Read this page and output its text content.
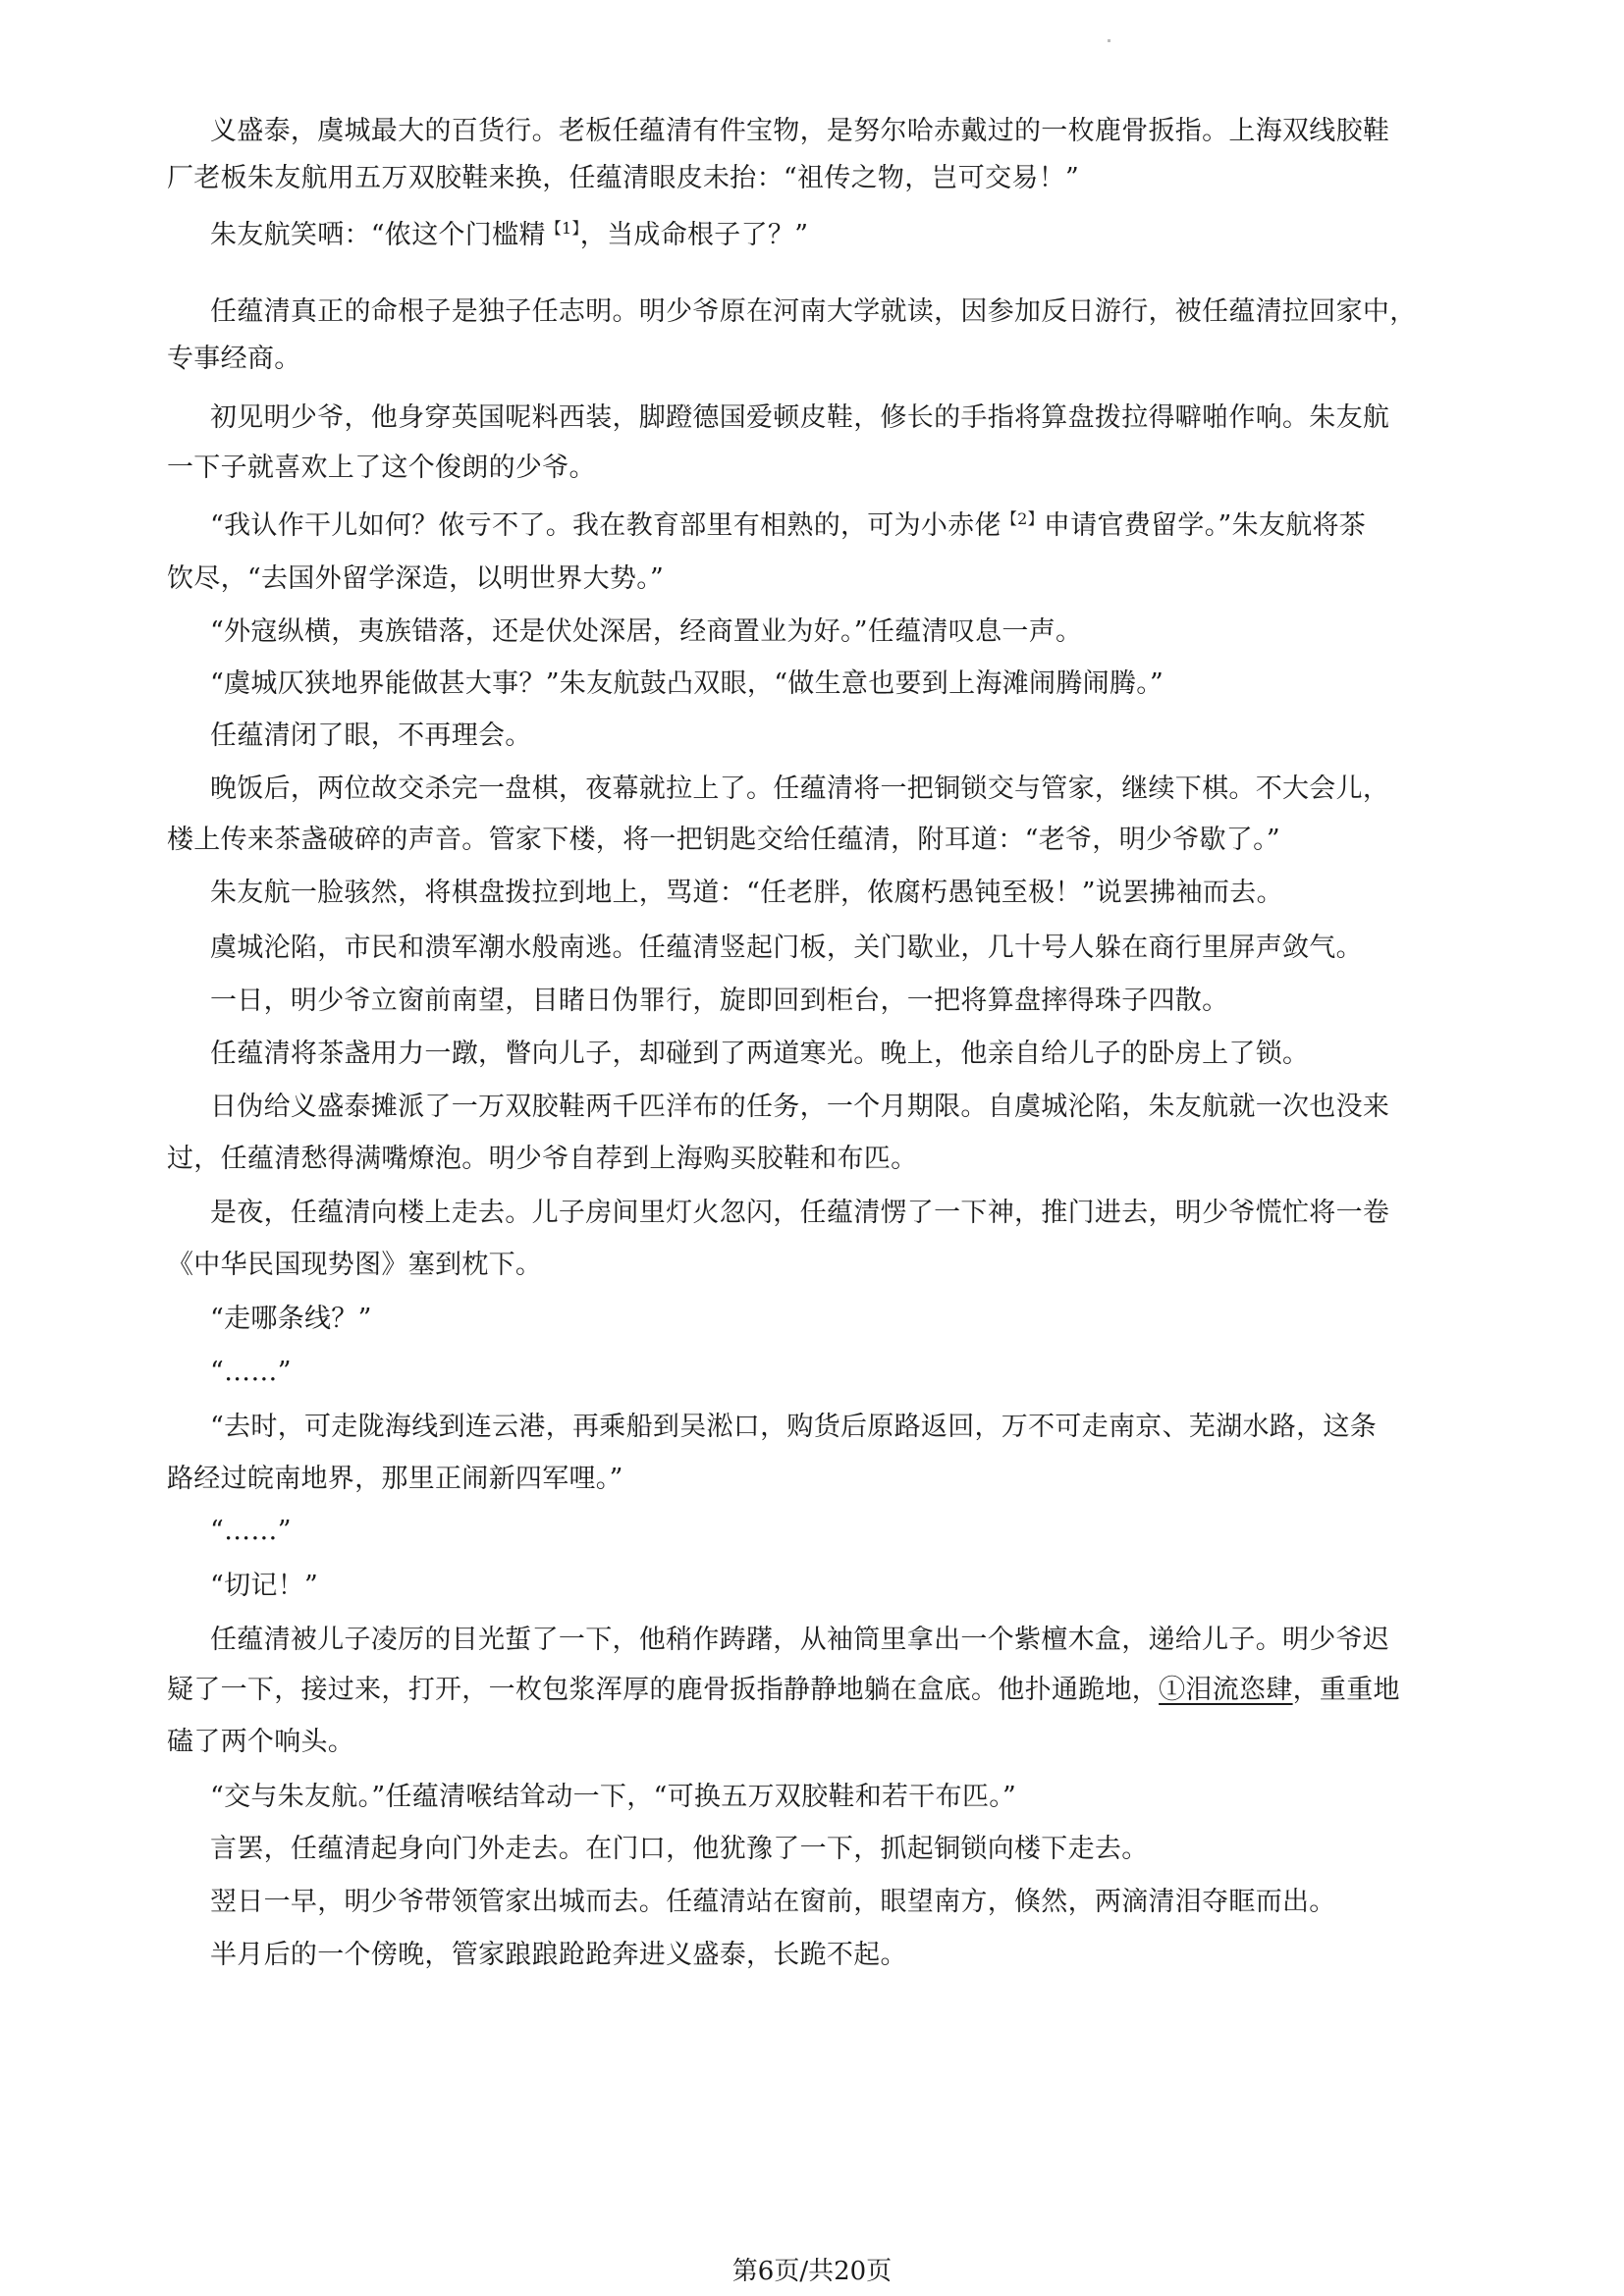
义盛泰，虞城最大的百货行。老板任蕴清有件宝物，是努尔哈赤戴过的一枚鹿骨扳指。上海双线胶鞋
厂老板朱友航用五万双胶鞋来换，任蕴清眼皮未抬：“祖传之物，岂可交易！”
朱友航笑哂：“侬这个门槛精$^{【1】}$，当成命根子了？”
任蕴清真正的命根子是独子任志明。明少爷原在河南大学就读，因参加反日游行，被任蕴清拉回家中，
专事经商。
初见明少爷，他身穿英国呢料西装，脚蹬德国爱顿皮鞋，修长的手指将算盘拨拉得噼啪作响。朱友航
一下子就喜欢上了这个俊朗的少爷。
“我认作干儿如何？侬亏不了。我在教育部里有相熟的，可为小赤佬$^{【2】}$申请官费留学。”朱友航将茶
饮尽，“去国外留学深造，以明世界大势。”
“外寇纵横，夷族错落，还是伏处深居，经商置业为好。”任蕴清叹息一声。
“虞城仄狭地界能做甚大事？”朱友航鼓凸双眼，“做生意也要到上海滩闹腾闹腾。”
任蕴清闭了眼，不再理会。
晚饭后，两位故交杀完一盘棋，夜幕就拉上了。任蕴清将一把铜锁交与管家，继续下棋。不大会儿，
楼上传来茶盏破碎的声音。管家下楼，将一把钥匙交给任蕴清，附耳道：“老爷，明少爷歇了。”
朱友航一脸骇然，将棋盘拨拉到地上，骂道：“任老胖，侬腐朽愚钝至极！”说罢拂袖而去。
虞城沦陷，市民和溃军潮水般南逃。任蕴清竖起门板，关门歇业，几十号人躲在商行里屏声敛气。
一日，明少爷立窗前南望，目睹日伪罪行，旋即回到柜台，一把将算盘摔得珠子四散。
任蕴清将茶盏用力一蹾，瞥向儿子，却碰到了两道寒光。晚上，他亲自给儿子的卧房上了锁。
日伪给义盛泰摊派了一万双胶鞋两千匹洋布的任务，一个月期限。自虞城沦陷，朱友航就一次也没来
过，任蕴清愁得满嘴燎泡。明少爷自荐到上海购买胶鞋和布匹。
是夜，任蕴清向楼上走去。儿子房间里灯火忽闪，任蕴清愣了一下神，推门进去，明少爷慌忙将一卷
《中华民国现势图》塞到枕下。
“走哪条线？”
“……”
“去时，可走陇海线到连云港，再乘船到吴淞口，购货后原路返回，万不可走南京、芜湖水路，这条
路经过皖南地界，那里正闹新四军哩。”
“……”
“切记！”
任蕴清被儿子凌厉的目光蜇了一下，他稍作踌躇，从袖筒里拿出一个紫檀木盒，递给儿子。明少爷迟
疑了一下，接过来，打开，一枚包浆浑厚的鹿骨扳指静静地躺在盒底。他扑通跪地，①泪流恣肆，重重地
磕了两个响头。
“交与朱友航。”任蕴清喉结耸动一下，“可换五万双胶鞋和若干布匹。”
言罢，任蕴清起身向门外走去。在门口，他犹豫了一下，抓起铜锁向楼下走去。
翌日一早，明少爷带领管家出城而去。任蕴清站在窗前，眼望南方，倏然，两滴清泪夺眶而出。
半月后的一个傍晚，管家踉踉跄跄奔进义盛泰，长跪不起。
第6页/共20页
